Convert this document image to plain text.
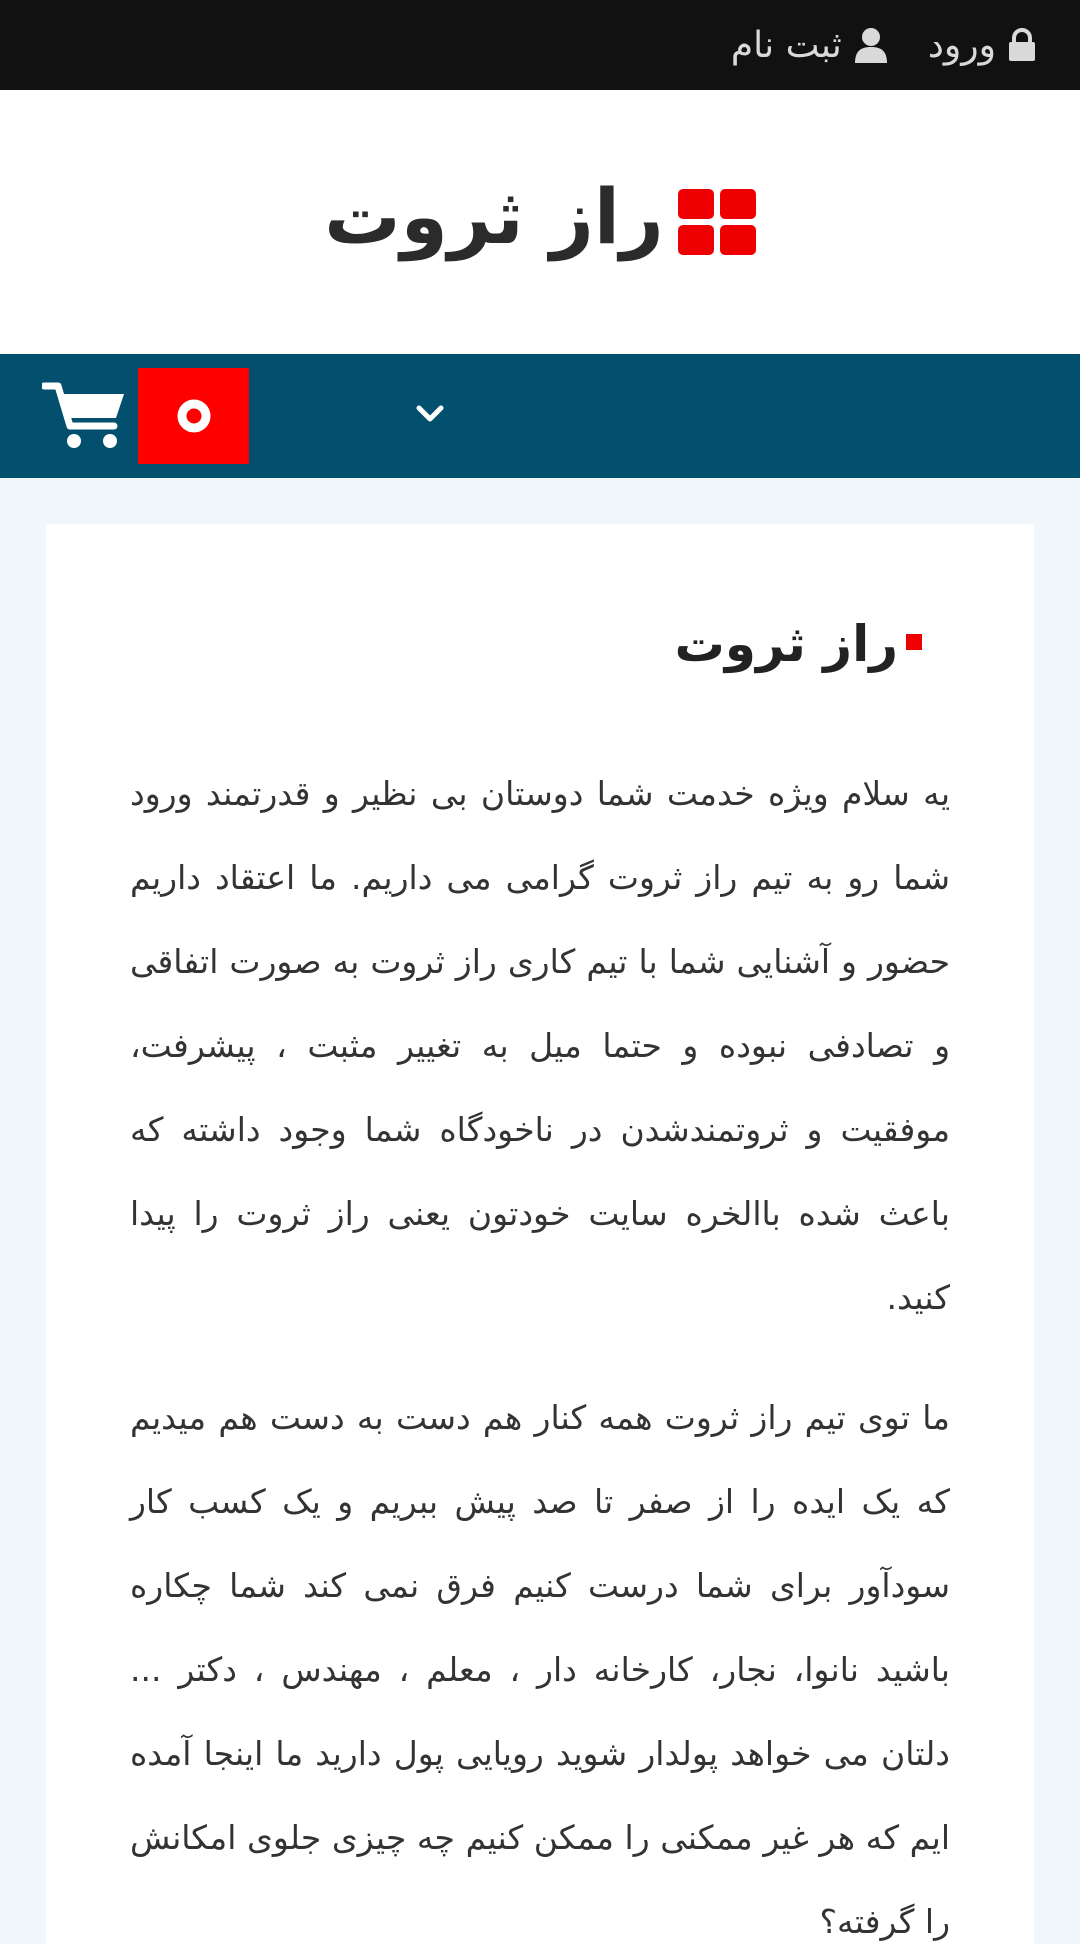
ثبت نام ورود
راز ثروت
راز ثروت

یه سلام ویژه خدمت شما دوستان بی نظیر و قدرتمند ورود شما رو به تیم راز ثروت گرامی می داریم. ما اعتقاد داریم حضور و آشنایی شما با تیم کاری راز ثروت به صورت اتفاقی و تصادفی نبوده و حتما میل به تغییر مثبت ، پیشرفت، موفقیت و ثروتمندشدن در ناخودگاه شما وجود داشته که باعث شده باالخره سایت خودتون یعنی راز ثروت را پیدا کنید.

ما توی تیم راز ثروت همه کنار هم دست به دست هم میدیم که یک ایده را از صفر تا صد پیش ببریم و یک کسب کار سودآور برای شما درست کنیم فرق نمی کند شما چکاره باشید نانوا، نجار، کارخانه دار ، معلم ، مهندس ، دکتر ... دلتان می خواهد پولدار شوید رویایی پول دارید ما اینجا آمده ایم که هر غیر ممکنی را ممکن کنیم چه چیزی جلوی امکانش را گرفته؟
